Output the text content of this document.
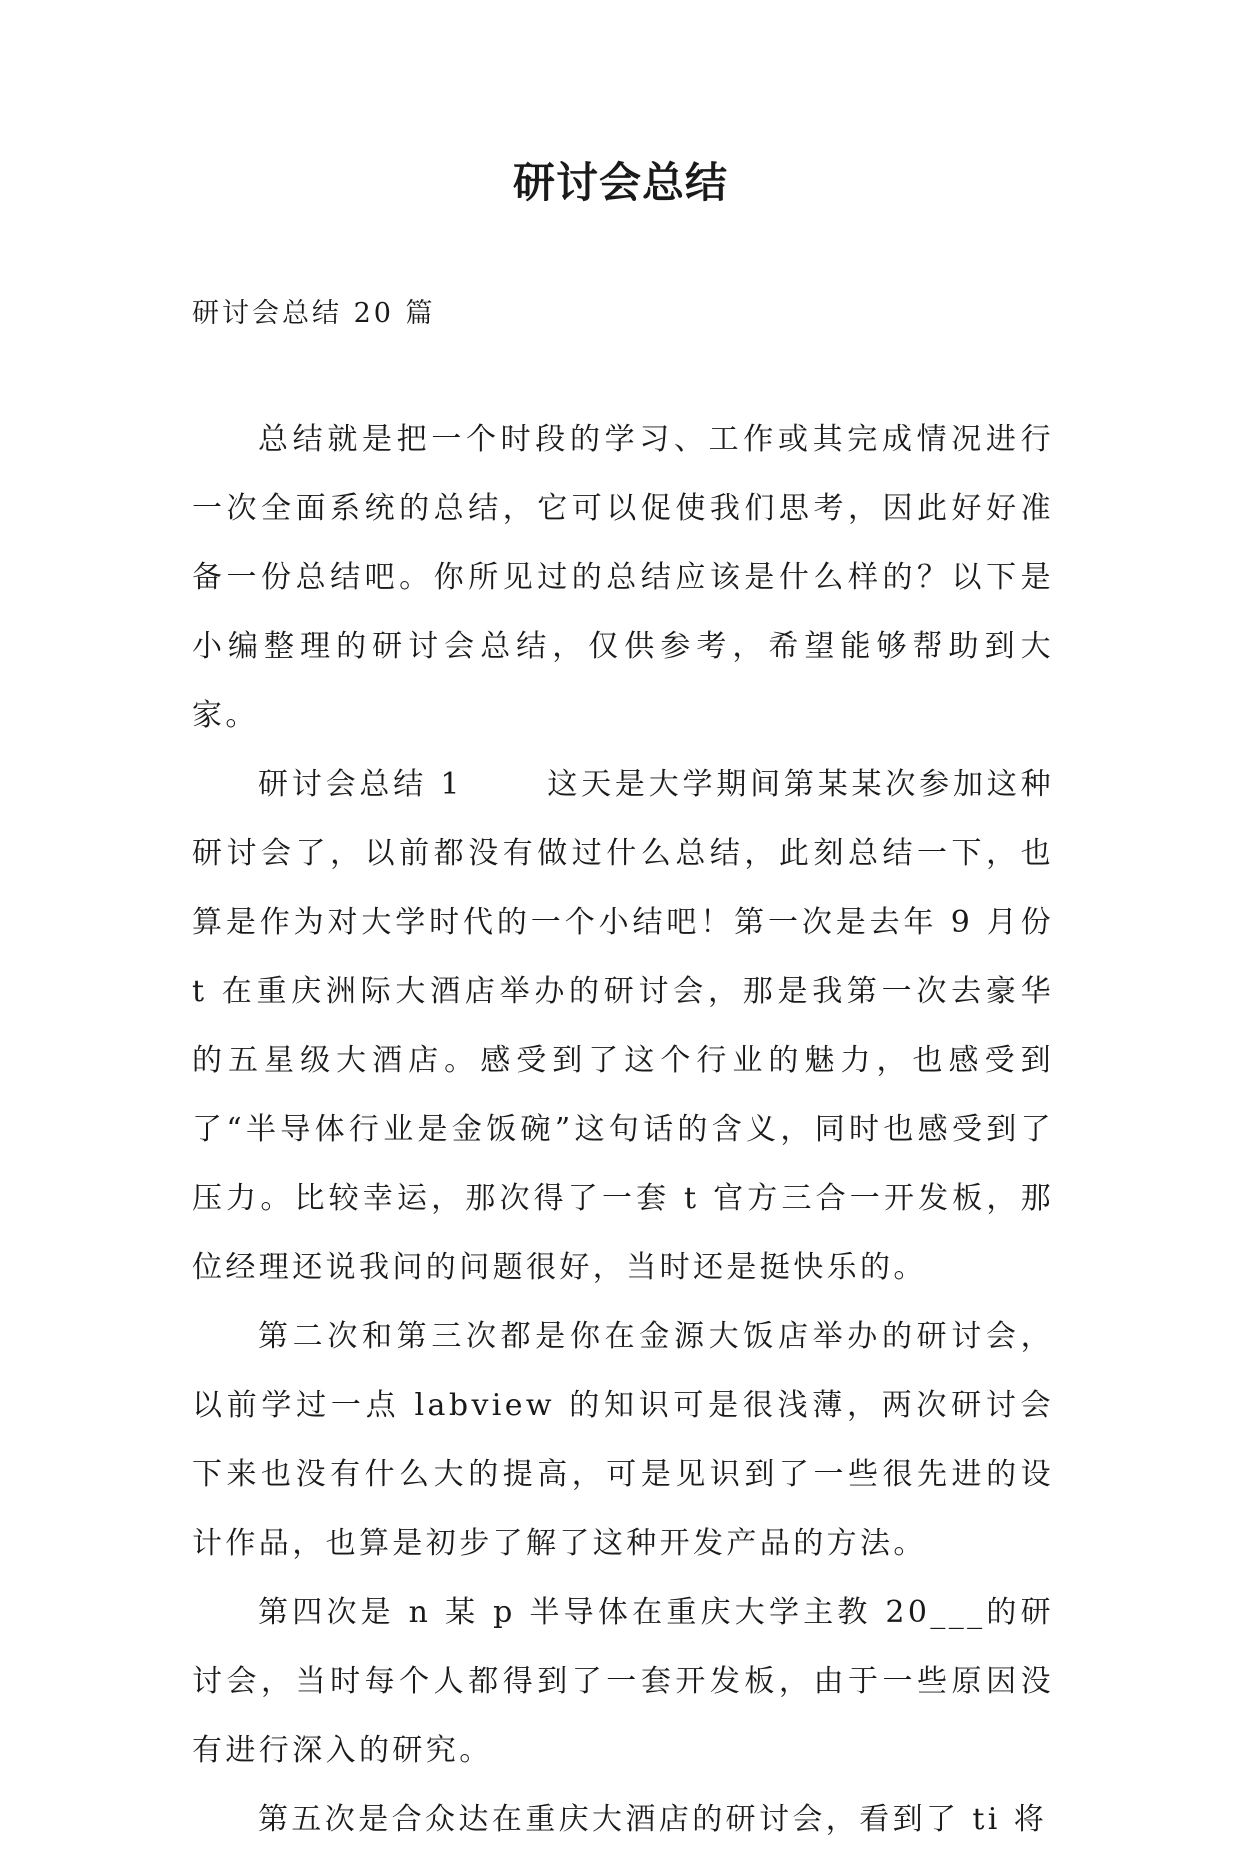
研讨会总结
研讨会总结 20 篇

总结就是把一个时段的学习、工作或其完成情况进行一次全面系统的总结，它可以促使我们思考，因此好好准备一份总结吧。你所见过的总结应该是什么样的？以下是小编整理的研讨会总结，仅供参考，希望能够帮助到大家。

研讨会总结 1	这天是大学期间第某某次参加这种研讨会了，以前都没有做过什么总结，此刻总结一下，也算是作为对大学时代的一个小结吧！第一次是去年 9 月份 t 在重庆洲际大酒店举办的研讨会，那是我第一次去豪华的五星级大酒店。感受到了这个行业的魅力，也感受到了“半导体行业是金饭碗”这句话的含义，同时也感受到了压力。比较幸运，那次得了一套 t 官方三合一开发板，那位经理还说我问的问题很好，当时还是挺快乐的。

第二次和第三次都是你在金源大饭店举办的研讨会，以前学过一点 labview 的知识可是很浅薄，两次研讨会下来也没有什么大的提高，可是见识到了一些很先进的设计作品，也算是初步了解了这种开发产品的方法。

第四次是 n 某 p 半导体在重庆大学主教 20___的研讨会，当时每个人都得到了一套开发板，由于一些原因没有进行深入的研究。

第五次是合众达在重庆大酒店的研讨会，看到了 ti 将
